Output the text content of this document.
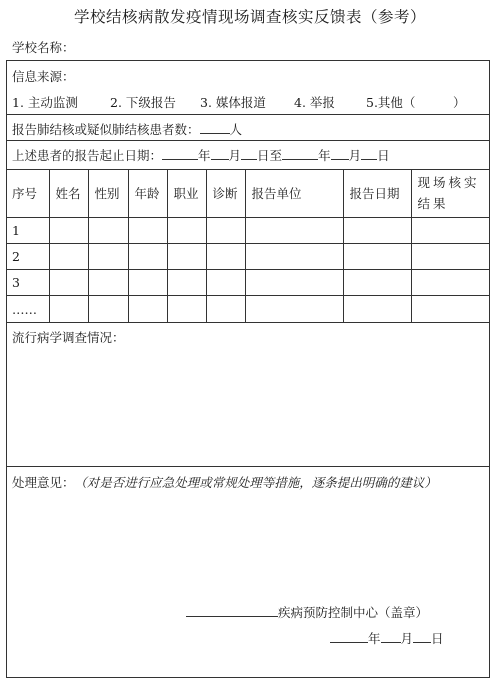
学校结核病散发疫情现场调查核实反馈表（参考）
学校名称：
信息来源：
1. 主动监测	2. 下级报告 3. 媒体报道 4. 举报 5.其他（	）
报告肺结核或疑似肺结核患者数： 人
上述患者的报告起止日期：	年 月 日至	年 月 日
序号	姓名	性别	年龄	职业	诊断	报告单位	报告日期	现场核实结果
1								
2								
3								
……								
流行病学调查情况：
处理意见： （对是否进行应急处理或常规处理等措施，逐条提出明确的建议）
疾病预防控制中心（盖章）
年 月 日
